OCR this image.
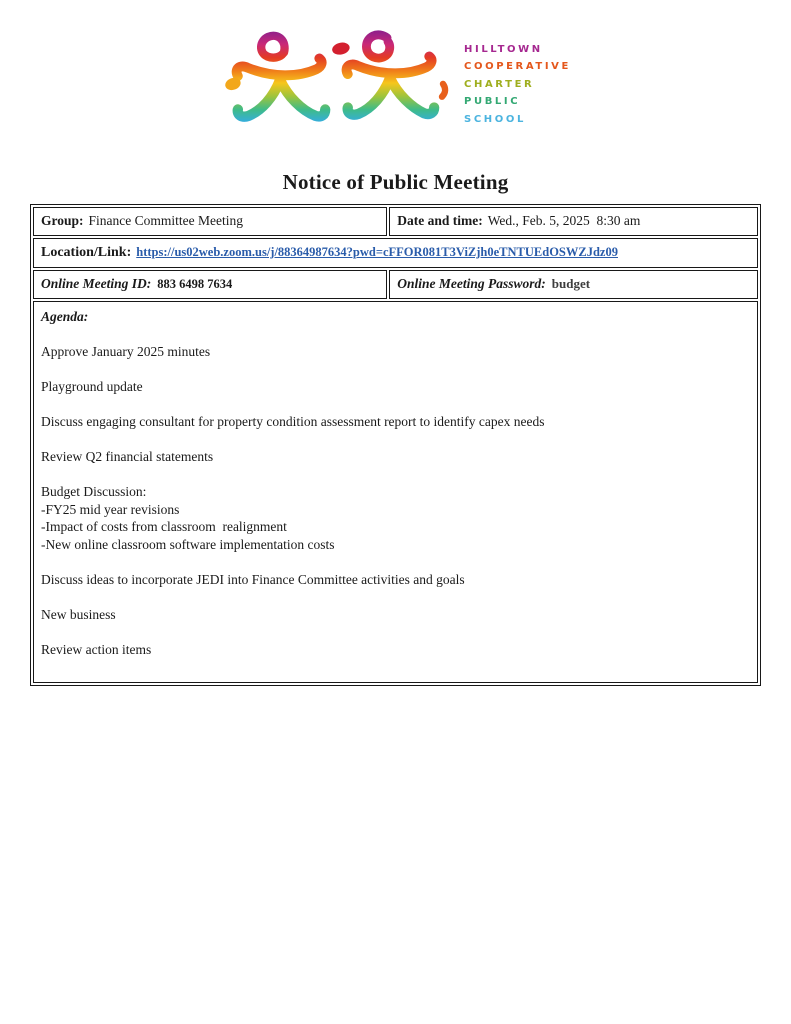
HILLTOWN
COOPERATIVE
CHARTER
PUBLIC
SCHOOL
Notice of Public Meeting
Group: Finance Committee Meeting	Date and time: Wed., Feb. 5, 2025  8:30 am
Location/Link: https://us02web.zoom.us/j/88364987634?pwd=cFFOR081T3ViZjh0eTNTUEdOSWZJdz09	
Online Meeting ID: 883 6498 7634	Online Meeting Password: budget

Agenda:

Approve January 2025 minutes

Playground update

Discuss engaging consultant for property condition assessment report to identify capex needs

Review Q2 financial statements

Budget Discussion:
-FY25 mid year revisions
-Impact of costs from classroom  realignment
-New online classroom software implementation costs

Discuss ideas to incorporate JEDI into Finance Committee activities and goals

New business

Review action items
